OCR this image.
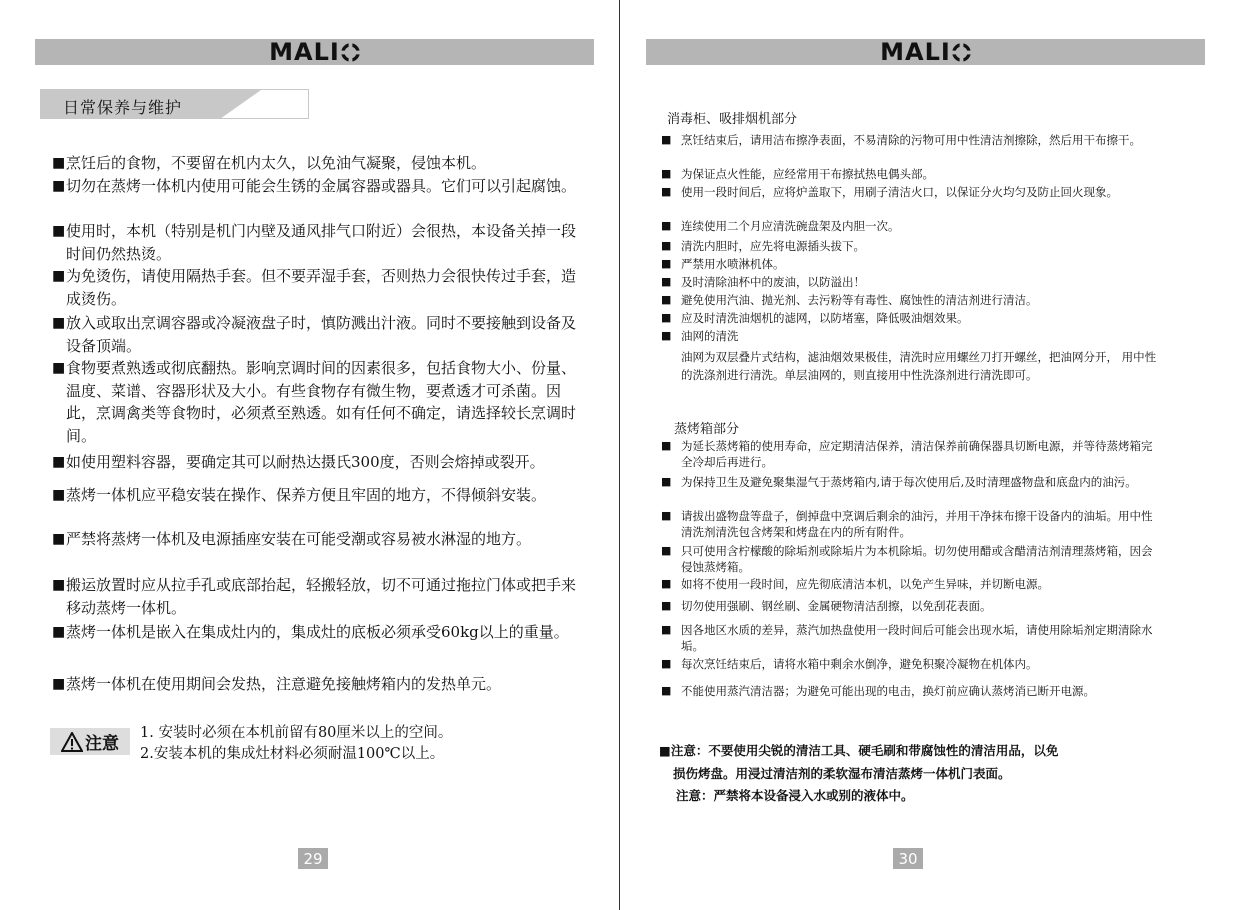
MALI
日常保养与维护
■ 烹饪后的食物，不要留在机内太久，以免油气凝聚，侵蚀本机。
■ 切勿在蒸烤一体机内使用可能会生锈的金属容器或器具。它们可以引起腐蚀。
■ 使用时，本机（特别是机门内壁及通风排气口附近）会很热，本设备关掉一段时间仍然热烫。
■ 为免烫伤，请使用隔热手套。但不要弄湿手套，否则热力会很快传过手套，造成烫伤。
■ 放入或取出烹调容器或冷凝液盘子时，慎防溅出汁液。同时不要接触到设备及设备顶端。
■ 食物要煮熟透或彻底翻热。影响烹调时间的因素很多，包括食物大小、份量、温度、菜谱、容器形状及大小。有些食物存有微生物，要煮透才可杀菌。因此，烹调禽类等食物时，必须煮至熟透。如有任何不确定，请选择较长烹调时间。
■ 如使用塑料容器，要确定其可以耐热达摄氏300度，否则会熔掉或裂开。
■ 蒸烤一体机应平稳安装在操作、保养方便且牢固的地方，不得倾斜安装。
■ 严禁将蒸烤一体机及电源插座安装在可能受潮或容易被水淋湿的地方。
■ 搬运放置时应从拉手孔或底部抬起，轻搬轻放，切不可通过拖拉门体或把手来移动蒸烤一体机。
■ 蒸烤一体机是嵌入在集成灶内的，集成灶的底板必须承受60kg以上的重量。
■ 蒸烤一体机在使用期间会发热，注意避免接触烤箱内的发热单元。
注意
1. 安装时必须在本机前留有80厘米以上的空间。
2.安装本机的集成灶材料必须耐温100℃以上。
29
MALI
消毒柜、吸排烟机部分
■ 烹饪结束后，请用洁布擦净表面，不易清除的污物可用中性清洁剂擦除，然后用干布擦干。
■ 为保证点火性能，应经常用干布擦拭热电偶头部。
■ 使用一段时间后，应将炉盖取下，用刷子清洁火口，以保证分火均匀及防止回火现象。
■ 连续使用二个月应清洗碗盘架及内胆一次。
■ 清洗内胆时，应先将电源插头拔下。
■ 严禁用水喷淋机体。
■ 及时清除油杯中的废油，以防溢出！
■ 避免使用汽油、抛光剂、去污粉等有毒性、腐蚀性的清洁剂进行清洁。
■ 应及时清洗油烟机的滤网，以防堵塞，降低吸油烟效果。
■ 油网的清洗
油网为双层叠片式结构，滤油烟效果极佳，清洗时应用螺丝刀打开螺丝，把油网分开， 用中性的洗涤剂进行清洗。单层油网的，则直接用中性洗涤剂进行清洗即可。
蒸烤箱部分
■ 为延长蒸烤箱的使用寿命，应定期清洁保养，清洁保养前确保器具切断电源，并等待蒸烤箱完全冷却后再进行。
■ 为保持卫生及避免聚集湿气于蒸烤箱内,请于每次使用后,及时清理盛物盘和底盘内的油污。
■ 请拔出盛物盘等盘子，倒掉盘中烹调后剩余的油污，并用干净抹布擦干设备内的油垢。用中性清洗剂清洗包含烤架和烤盘在内的所有附件。
■ 只可使用含柠檬酸的除垢剂或除垢片为本机除垢。切勿使用醋或含醋清洁剂清理蒸烤箱，因会侵蚀蒸烤箱。
■ 如将不使用一段时间，应先彻底清洁本机，以免产生异味，并切断电源。
■ 切勿使用强刷、钢丝刷、金属硬物清洁刮擦，以免刮花表面。
■ 因各地区水质的差异，蒸汽加热盘使用一段时间后可能会出现水垢，请使用除垢剂定期清除水垢。
■ 每次烹饪结束后，请将水箱中剩余水倒净，避免积聚冷凝物在机体内。
■ 不能使用蒸汽清洁器；为避免可能出现的电击，换灯前应确认蒸烤消已断开电源。
■注意：不要使用尖锐的清洁工具、硬毛刷和带腐蚀性的清洁用品，以免
损伤烤盘。用浸过清洁剂的柔软湿布清洁蒸烤一体机门表面。
注意：严禁将本设备浸入水或别的液体中。
30
